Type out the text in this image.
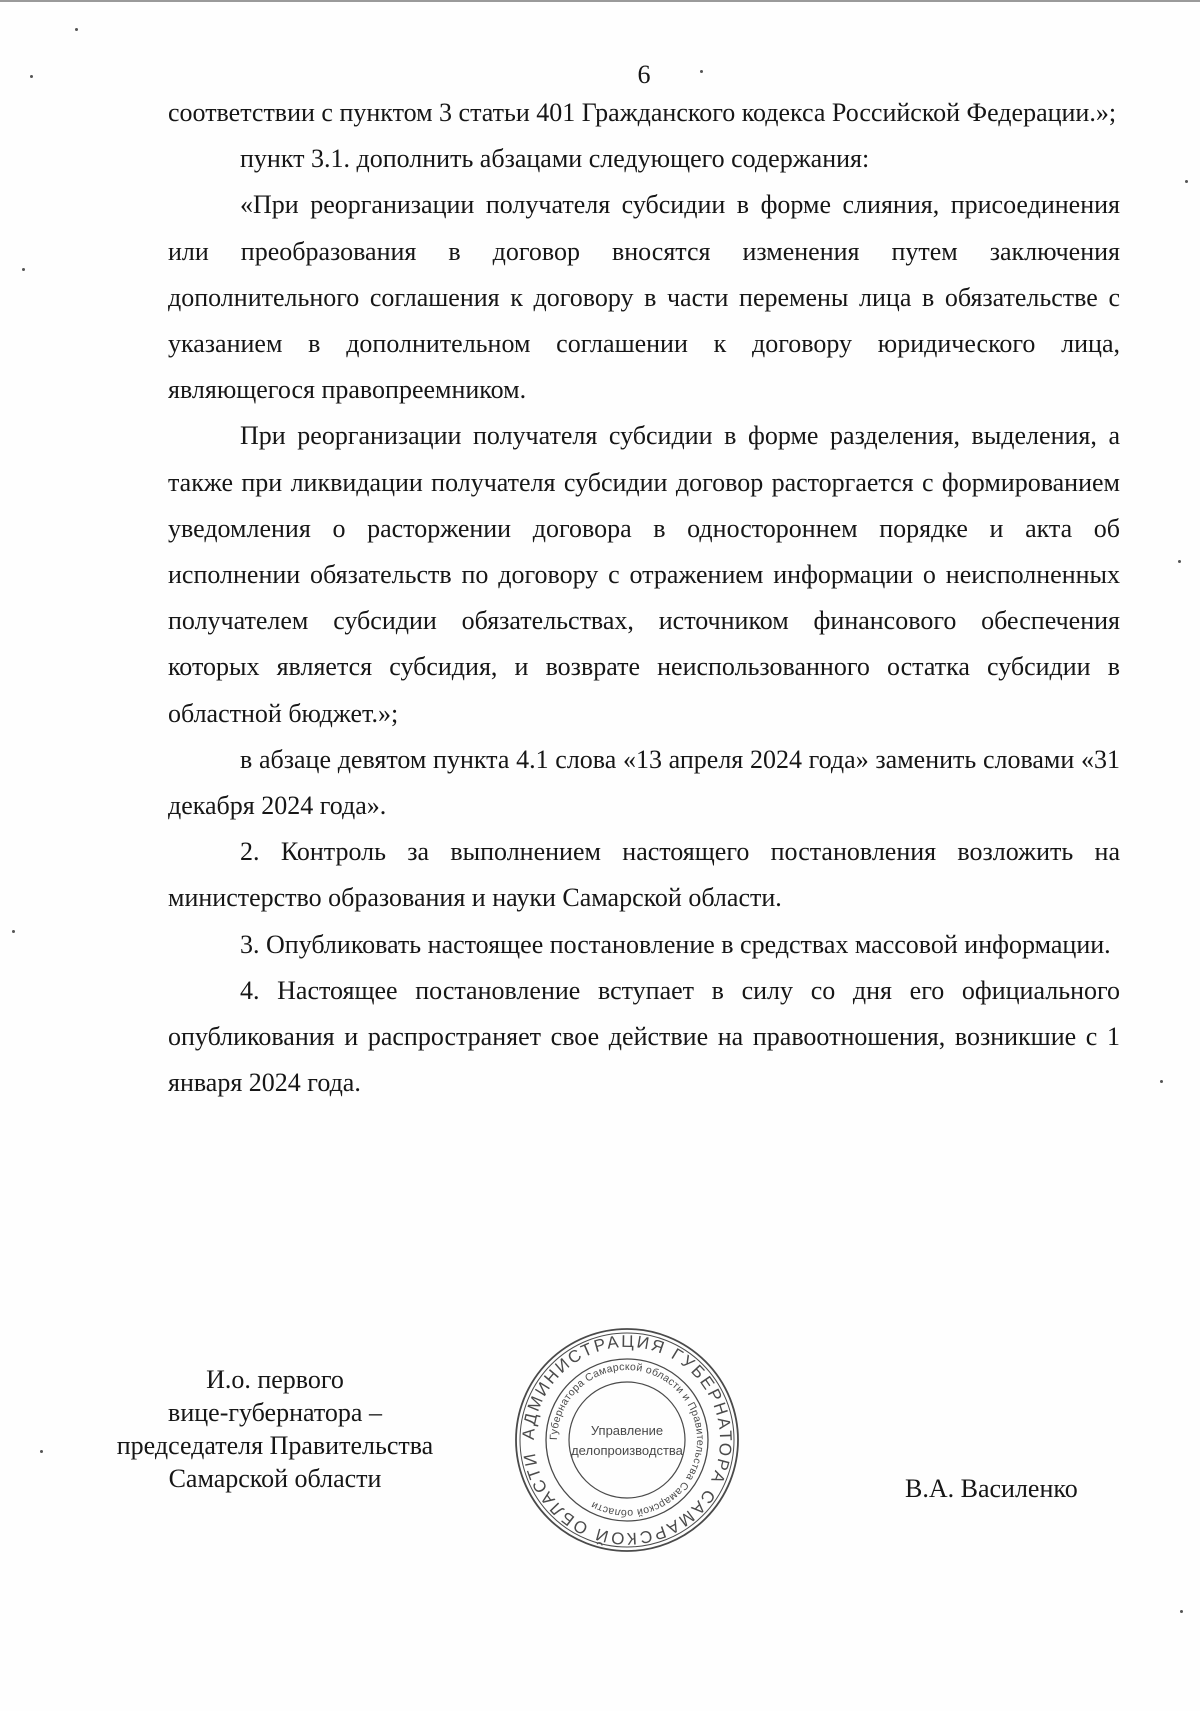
6

соответствии с пунктом 3 статьи 401 Гражданского кодекса Российской Федерации.»;

пункт 3.1. дополнить абзацами следующего содержания:

«При реорганизации получателя субсидии в форме слияния, присоединения или преобразования в договор вносятся изменения путем заключения дополнительного соглашения к договору в части перемены лица в обязательстве с указанием в дополнительном соглашении к договору юридического лица, являющегося правопреемником.

При реорганизации получателя субсидии в форме разделения, выделения, а также при ликвидации получателя субсидии договор расторгается с формированием уведомления о расторжении договора в одностороннем порядке и акта об исполнении обязательств по договору с отражением информации о неисполненных получателем субсидии обязательствах, источником финансового обеспечения которых является субсидия, и возврате неиспользованного остатка субсидии в областной бюджет.»;

в абзаце девятом пункта 4.1 слова «13 апреля 2024 года» заменить словами «31 декабря 2024 года».

2. Контроль за выполнением настоящего постановления возложить на министерство образования и науки Самарской области.

3. Опубликовать настоящее постановление в средствах массовой информации.

4. Настоящее постановление вступает в силу со дня его официального опубликования и распространяет свое действие на правоотношения, возникшие с 1 января 2024 года.

И.о. первого
вице-губернатора –
председателя Правительства
Самарской области
АДМИНИСТРАЦИЯ ГУБЕРНАТОРА САМАРСКОЙ ОБЛАСТИ
Губернатора Самарской области и Правительства Самарской области
Управление
делопроизводства
В.А. Василенко
